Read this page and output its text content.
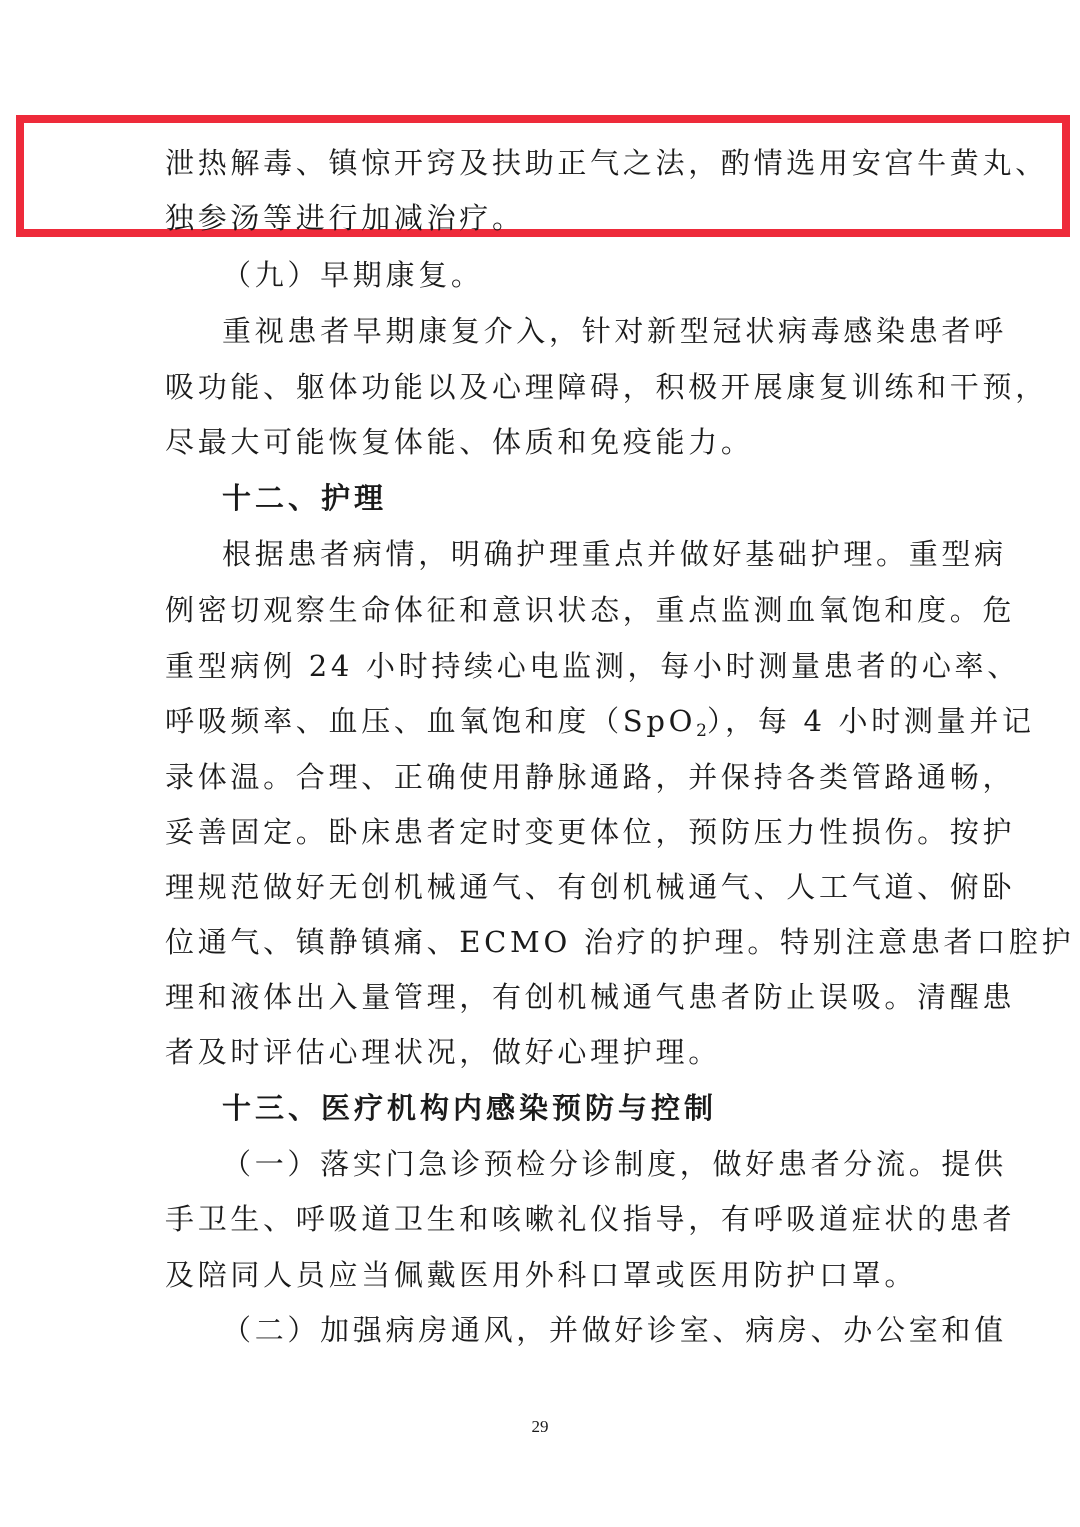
泄热解毒、镇惊开窍及扶助正气之法，酌情选用安宫牛黄丸、
独参汤等进行加减治疗。
（九）早期康复。
重视患者早期康复介入，针对新型冠状病毒感染患者呼
吸功能、躯体功能以及心理障碍，积极开展康复训练和干预，
尽最大可能恢复体能、体质和免疫能力。
十二、护理
根据患者病情，明确护理重点并做好基础护理。重型病
例密切观察生命体征和意识状态，重点监测血氧饱和度。危
重型病例 24 小时持续心电监测，每小时测量患者的心率、
呼吸频率、血压、血氧饱和度（SpO$_2$），每 4 小时测量并记
录体温。合理、正确使用静脉通路，并保持各类管路通畅，
妥善固定。卧床患者定时变更体位，预防压力性损伤。按护
理规范做好无创机械通气、有创机械通气、人工气道、俯卧
位通气、镇静镇痛、ECMO 治疗的护理。特别注意患者口腔护
理和液体出入量管理，有创机械通气患者防止误吸。清醒患
者及时评估心理状况，做好心理护理。
十三、医疗机构内感染预防与控制
（一）落实门急诊预检分诊制度，做好患者分流。提供
手卫生、呼吸道卫生和咳嗽礼仪指导，有呼吸道症状的患者
及陪同人员应当佩戴医用外科口罩或医用防护口罩。
（二）加强病房通风，并做好诊室、病房、办公室和值
29
